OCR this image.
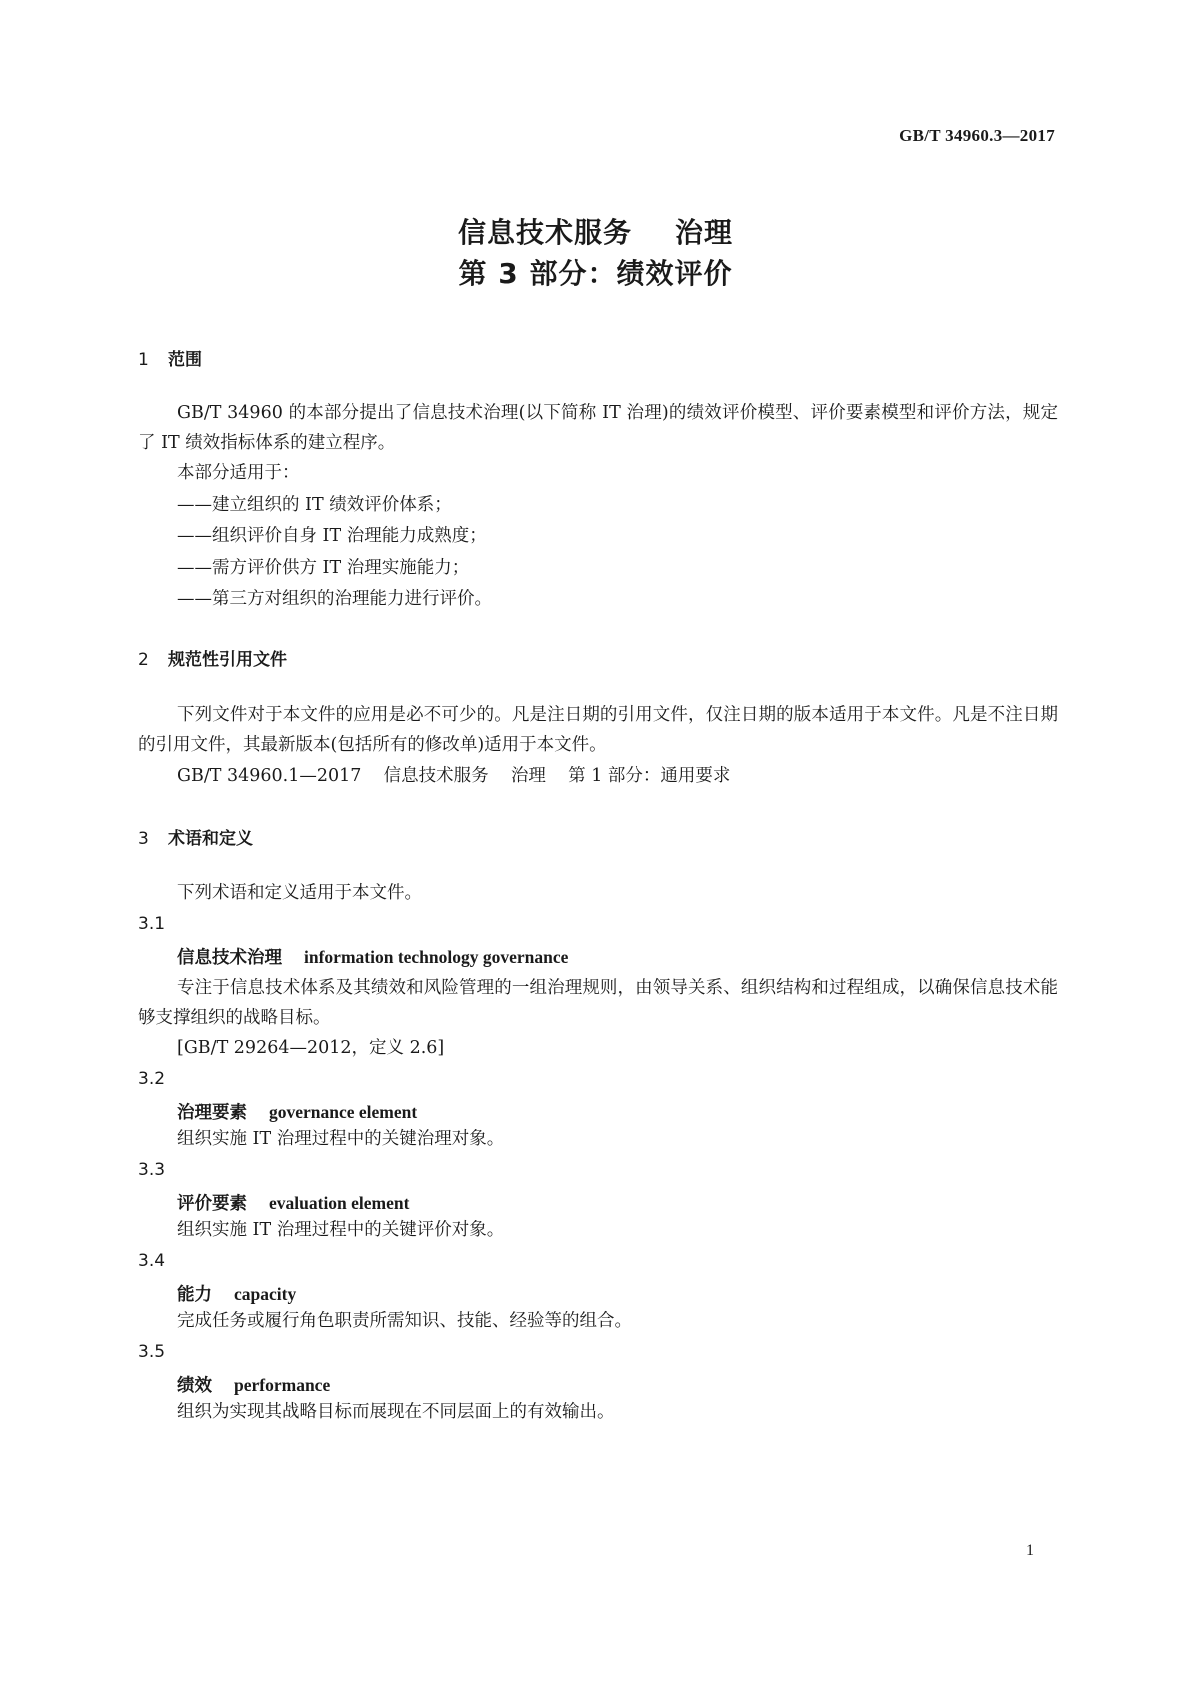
GB/T 34960.3—2017
信息技术服务    治理
第 3 部分：绩效评价
1 范围
GB/T 34960 的本部分提出了信息技术治理(以下简称 IT 治理)的绩效评价模型、评价要素模型和评价方法，规定了 IT 绩效指标体系的建立程序。
本部分适用于：
——建立组织的 IT 绩效评价体系；
——组织评价自身 IT 治理能力成熟度；
——需方评价供方 IT 治理实施能力；
——第三方对组织的治理能力进行评价。
2 规范性引用文件
下列文件对于本文件的应用是必不可少的。凡是注日期的引用文件，仅注日期的版本适用于本文件。凡是不注日期的引用文件，其最新版本(包括所有的修改单)适用于本文件。
GB/T 34960.1—2017    信息技术服务    治理    第 1 部分：通用要求
3 术语和定义
下列术语和定义适用于本文件。
3.1
信息技术治理 information technology governance
专注于信息技术体系及其绩效和风险管理的一组治理规则，由领导关系、组织结构和过程组成，以确保信息技术能够支撑组织的战略目标。
[GB/T 29264—2012，定义 2.6]
3.2
治理要素 governance element
组织实施 IT 治理过程中的关键治理对象。
3.3
评价要素 evaluation element
组织实施 IT 治理过程中的关键评价对象。
3.4
能力 capacity
完成任务或履行角色职责所需知识、技能、经验等的组合。
3.5
绩效 performance
组织为实现其战略目标而展现在不同层面上的有效输出。
1
